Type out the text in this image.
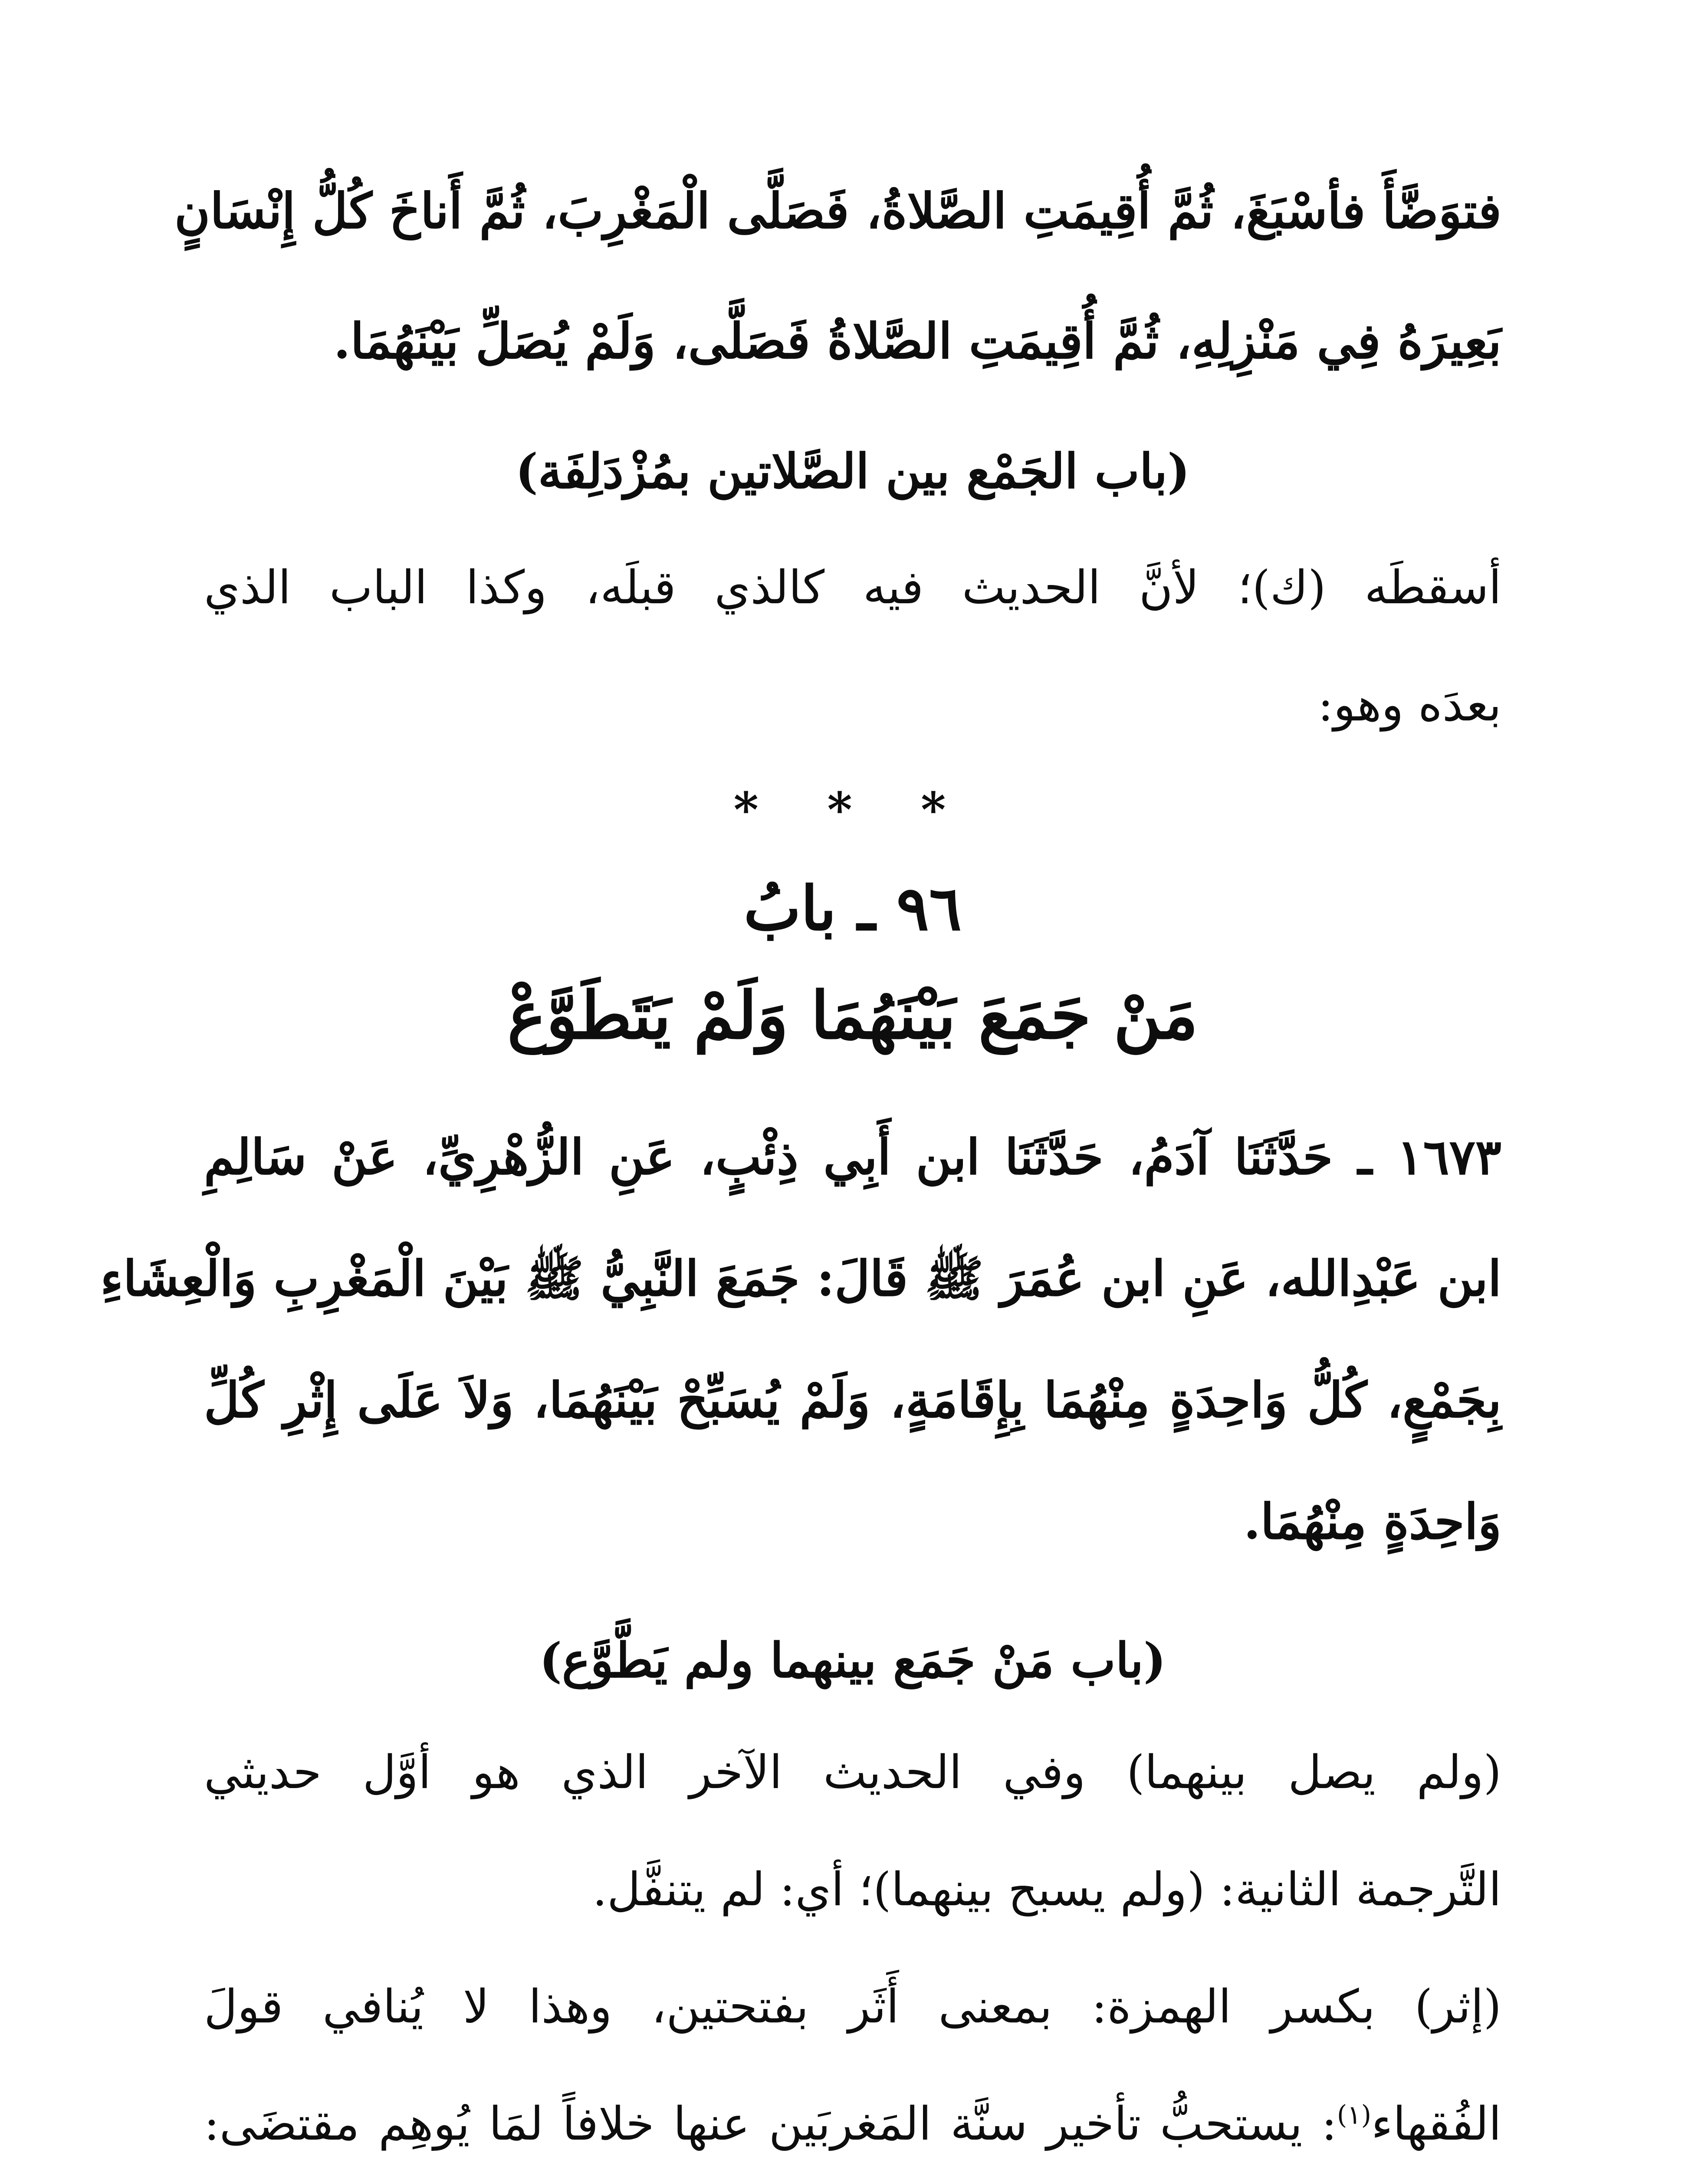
فتوَضَّأَ فأسْبَغَ، ثُمَّ أُقِيمَتِ الصَّلاةُ، فَصَلَّى الْمَغْرِبَ، ثُمَّ أَناخَ كُلُّ إِنْسَانٍ
بَعِيرَهُ فِي مَنْزِلِهِ، ثُمَّ أُقِيمَتِ الصَّلاةُ فَصَلَّى، وَلَمْ يُصَلِّ بَيْنَهُمَا.
(باب الجَمْع بين الصَّلاتين بمُزْدَلِفَة)
أسقطَه (ك)؛ لأنَّ الحديث فيه كالذي قبلَه، وكذا الباب الذي
بعدَه وهو:
* * *
٩٦ ـ بابُ
مَنْ جَمَعَ بَيْنَهُمَا وَلَمْ يَتَطَوَّعْ
١٦٧٣ ـ حَدَّثَنَا آدَمُ، حَدَّثَنَا ابن أَبِي ذِئْبٍ، عَنِ الزُّهْرِيِّ، عَنْ سَالِمِ
ابن عَبْدِالله، عَنِ ابن عُمَرَ ﷺ قَالَ: جَمَعَ النَّبِيُّ ﷺ بَيْنَ الْمَغْرِبِ وَالْعِشَاءِ
بِجَمْعٍ، كُلُّ وَاحِدَةٍ مِنْهُمَا بِإِقَامَةٍ، وَلَمْ يُسَبِّحْ بَيْنَهُمَا، وَلاَ عَلَى إِثْرِ كُلِّ
وَاحِدَةٍ مِنْهُمَا.
(باب مَنْ جَمَع بينهما ولم يَطَّوَّع)
(ولم يصل بينهما) وفي الحديث الآخر الذي هو أوَّل حديثي
التَّرجمة الثانية: (ولم يسبح بينهما)؛ أي: لم يتنفَّل.
(إثر) بكسر الهمزة: بمعنى أَثَر بفتحتين، وهذا لا يُنافي قولَ
الفُقهاء$^{(١)}$: يستحبُّ تأخير سنَّة المَغربَين عنها خلافاً لمَا يُوهِم مقتضَى:
